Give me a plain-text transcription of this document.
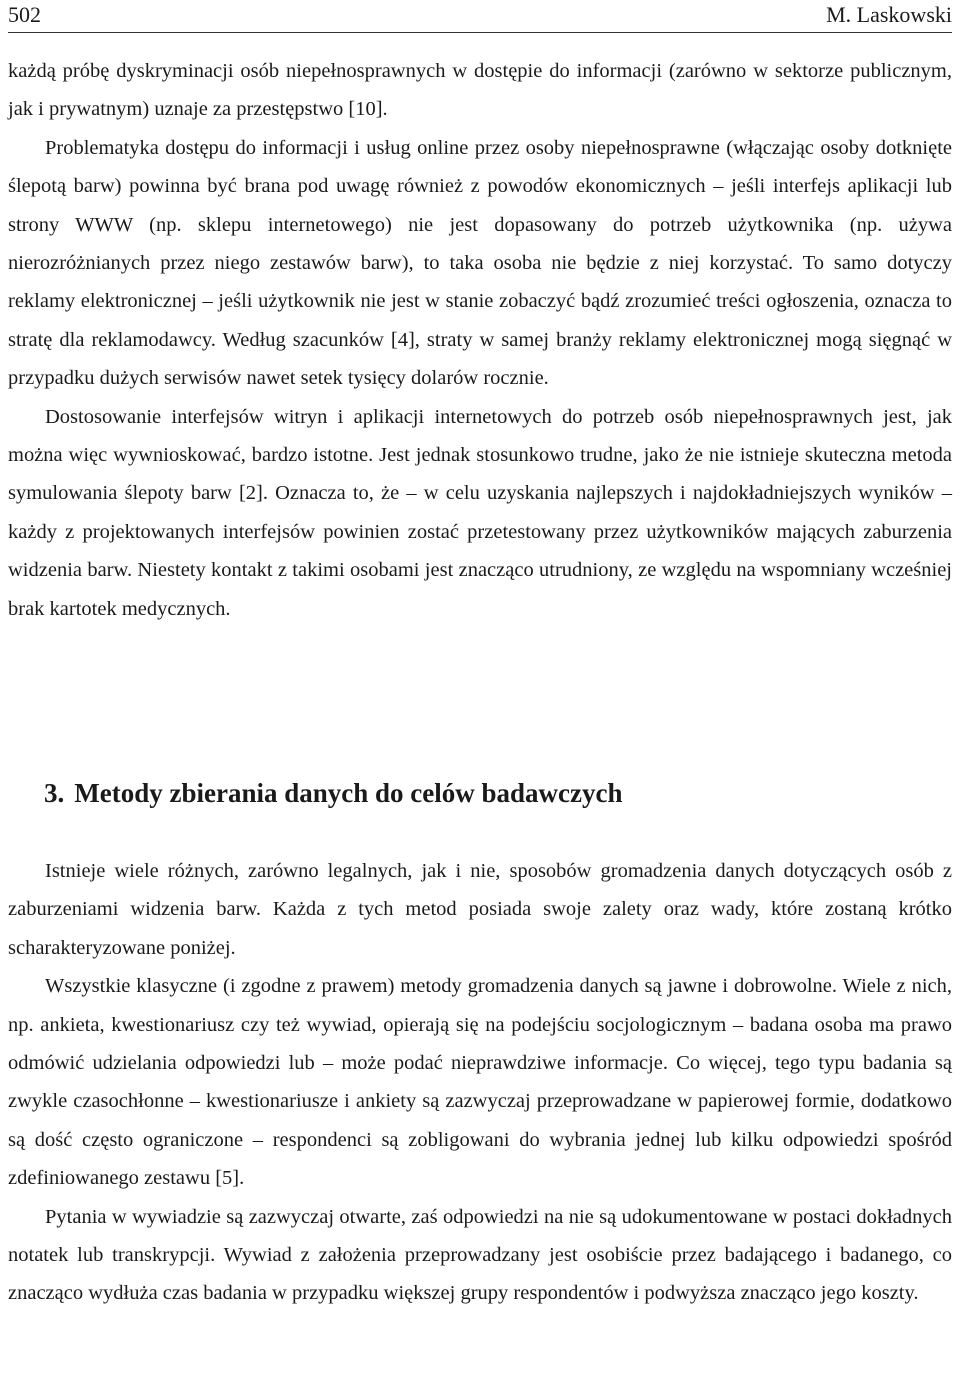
502	M. Laskowski

każdą próbę dyskryminacji osób niepełnosprawnych w dostępie do informacji (zarówno w sektorze publicznym, jak i prywatnym) uznaje za przestępstwo [10].

Problematyka dostępu do informacji i usług online przez osoby niepełnosprawne (włączając osoby dotknięte ślepotą barw) powinna być brana pod uwagę również z powodów ekonomicznych – jeśli interfejs aplikacji lub strony WWW (np. sklepu internetowego) nie jest dopasowany do potrzeb użytkownika (np. używa nierozróżnianych przez niego zestawów barw), to taka osoba nie będzie z niej korzystać. To samo dotyczy reklamy elektronicznej – jeśli użytkownik nie jest w stanie zobaczyć bądź zrozumieć treści ogłoszenia, oznacza to stratę dla reklamodawcy. Według szacunków [4], straty w samej branży reklamy elektronicznej mogą sięgnąć w przypadku dużych serwisów nawet setek tysięcy dolarów rocznie.

Dostosowanie interfejsów witryn i aplikacji internetowych do potrzeb osób niepełnosprawnych jest, jak można więc wywnioskować, bardzo istotne. Jest jednak stosunkowo trudne, jako że nie istnieje skuteczna metoda symulowania ślepoty barw [2]. Oznacza to, że – w celu uzyskania najlepszych i najdokładniejszych wyników – każdy z projektowanych interfejsów powinien zostać przetestowany przez użytkowników mających zaburzenia widzenia barw. Niestety kontakt z takimi osobami jest znacząco utrudniony, ze względu na wspomniany wcześniej brak kartotek medycznych.

3. Metody zbierania danych do celów badawczych

Istnieje wiele różnych, zarówno legalnych, jak i nie, sposobów gromadzenia danych dotyczących osób z zaburzeniami widzenia barw. Każda z tych metod posiada swoje zalety oraz wady, które zostaną krótko scharakteryzowane poniżej.

Wszystkie klasyczne (i zgodne z prawem) metody gromadzenia danych są jawne i dobrowolne. Wiele z nich, np. ankieta, kwestionariusz czy też wywiad, opierają się na podejściu socjologicznym – badana osoba ma prawo odmówić udzielania odpowiedzi lub – może podać nieprawdziwe informacje. Co więcej, tego typu badania są zwykle czasochłonne – kwestionariusze i ankiety są zazwyczaj przeprowadzane w papierowej formie, dodatkowo są dość często ograniczone – respondenci są zobligowani do wybrania jednej lub kilku odpowiedzi spośród zdefiniowanego zestawu [5].

Pytania w wywiadzie są zazwyczaj otwarte, zaś odpowiedzi na nie są udokumentowane w postaci dokładnych notatek lub transkrypcji. Wywiad z założenia przeprowadzany jest osobiście przez badającego i badanego, co znacząco wydłuża czas badania w przypadku większej grupy respondentów i podwyższa znacząco jego koszty.
